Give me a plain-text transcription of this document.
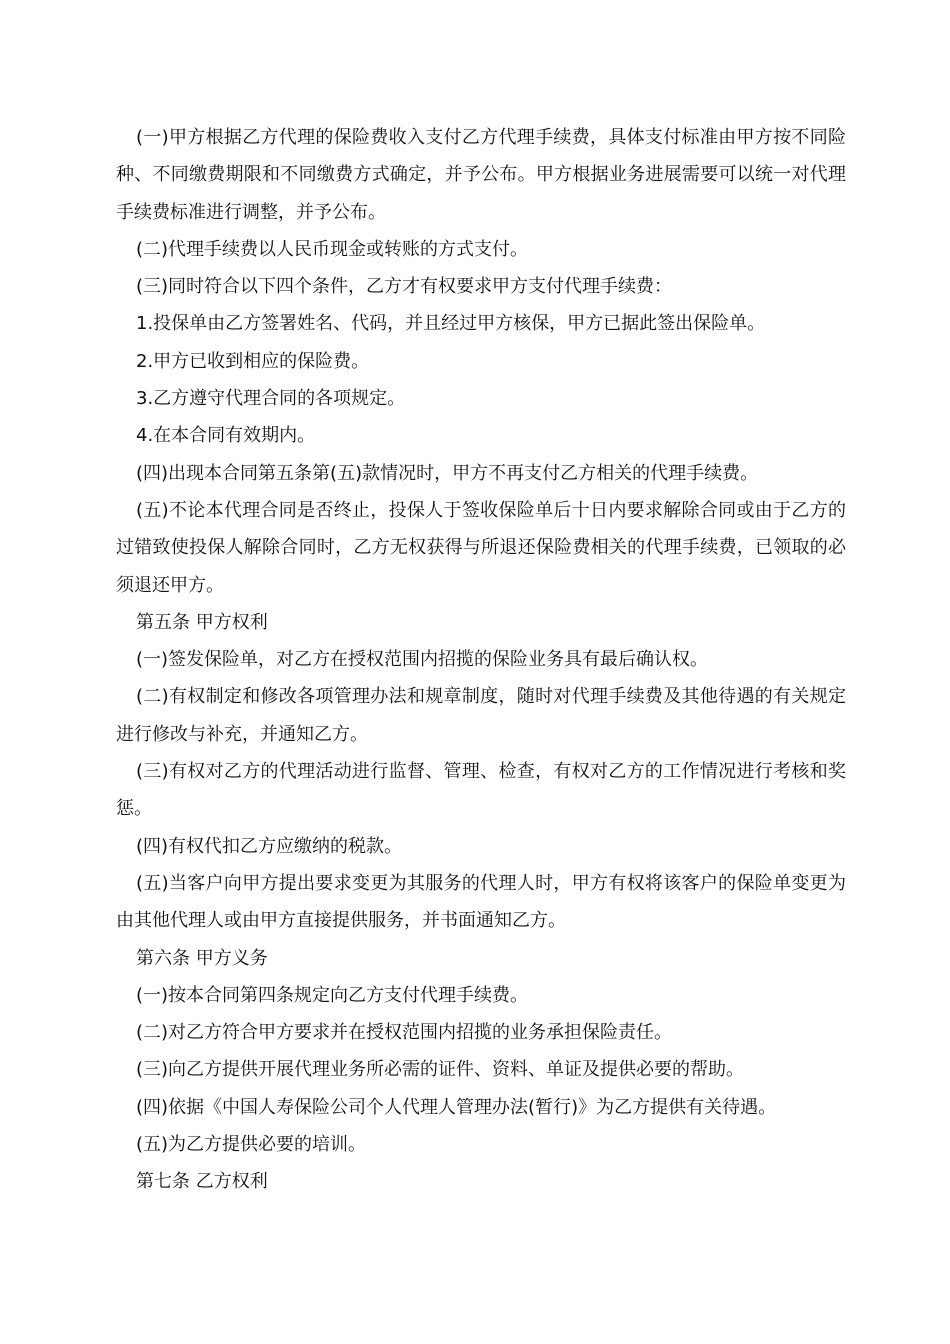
(一)甲方根据乙方代理的保险费收入支付乙方代理手续费，具体支付标准由甲方按不同险种、不同缴费期限和不同缴费方式确定，并予公布。甲方根据业务进展需要可以统一对代理手续费标准进行调整，并予公布。

(二)代理手续费以人民币现金或转账的方式支付。

(三)同时符合以下四个条件，乙方才有权要求甲方支付代理手续费：

1.投保单由乙方签署姓名、代码，并且经过甲方核保，甲方已据此签出保险单。

2.甲方已收到相应的保险费。

3.乙方遵守代理合同的各项规定。

4.在本合同有效期内。

(四)出现本合同第五条第(五)款情况时，甲方不再支付乙方相关的代理手续费。

(五)不论本代理合同是否终止，投保人于签收保险单后十日内要求解除合同或由于乙方的过错致使投保人解除合同时，乙方无权获得与所退还保险费相关的代理手续费，已领取的必须退还甲方。

第五条 甲方权利

(一)签发保险单，对乙方在授权范围内招揽的保险业务具有最后确认权。

(二)有权制定和修改各项管理办法和规章制度，随时对代理手续费及其他待遇的有关规定进行修改与补充，并通知乙方。

(三)有权对乙方的代理活动进行监督、管理、检查，有权对乙方的工作情况进行考核和奖惩。

(四)有权代扣乙方应缴纳的税款。

(五)当客户向甲方提出要求变更为其服务的代理人时，甲方有权将该客户的保险单变更为由其他代理人或由甲方直接提供服务，并书面通知乙方。

第六条 甲方义务

(一)按本合同第四条规定向乙方支付代理手续费。

(二)对乙方符合甲方要求并在授权范围内招揽的业务承担保险责任。

(三)向乙方提供开展代理业务所必需的证件、资料、单证及提供必要的帮助。

(四)依据《中国人寿保险公司个人代理人管理办法(暂行)》为乙方提供有关待遇。

(五)为乙方提供必要的培训。

第七条 乙方权利
